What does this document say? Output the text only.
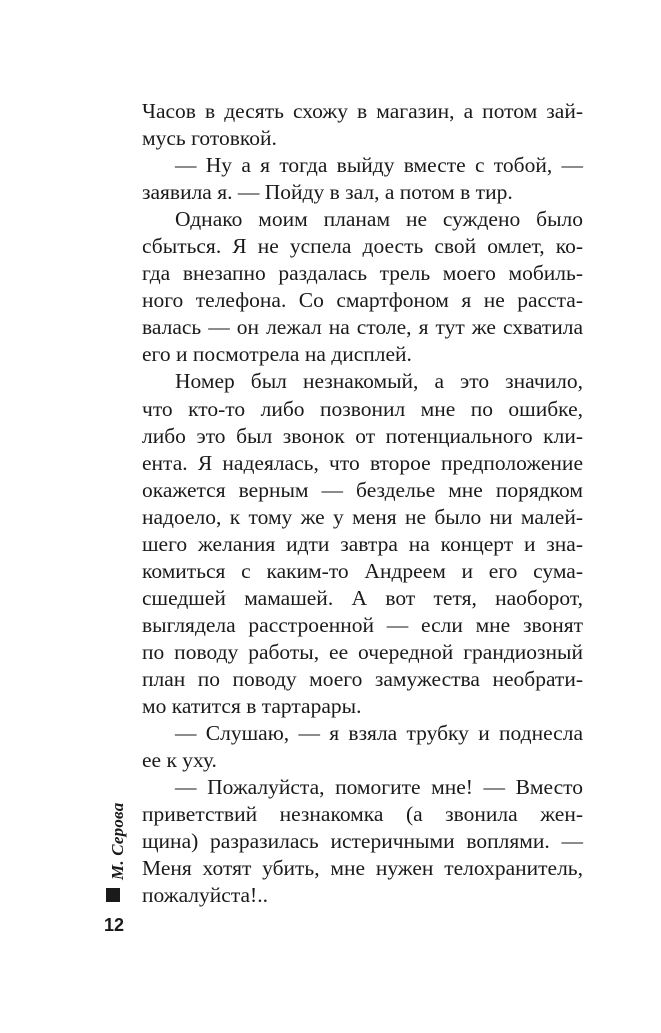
Часов в десять схожу в магазин, а потом зай-
мусь готовкой.
— Ну а я тогда выйду вместе с тобой, —
заявила я. — Пойду в зал, а потом в тир.
Однако моим планам не суждено было
сбыться. Я не успела доесть свой омлет, ко-
гда внезапно раздалась трель моего мобиль-
ного телефона. Со смартфоном я не расста-
валась — он лежал на столе, я тут же схватила
его и посмотрела на дисплей.
Номер был незнакомый, а это значило,
что кто-то либо позвонил мне по ошибке,
либо это был звонок от потенциального кли-
ента. Я надеялась, что второе предположение
окажется верным — безделье мне порядком
надоело, к тому же у меня не было ни малей-
шего желания идти завтра на концерт и зна-
комиться с каким-то Андреем и его сума-
сшедшей мамашей. А вот тетя, наоборот,
выглядела расстроенной — если мне звонят
по поводу работы, ее очередной грандиозный
план по поводу моего замужества необрати-
мо катится в тартарары.
— Слушаю, — я взяла трубку и поднесла
ее к уху.
— Пожалуйста, помогите мне! — Вместо
приветствий незнакомка (а звонила жен-
щина) разразилась истеричными воплями. —
Меня хотят убить, мне нужен телохранитель,
пожалуйста!..
М. Серова
12
